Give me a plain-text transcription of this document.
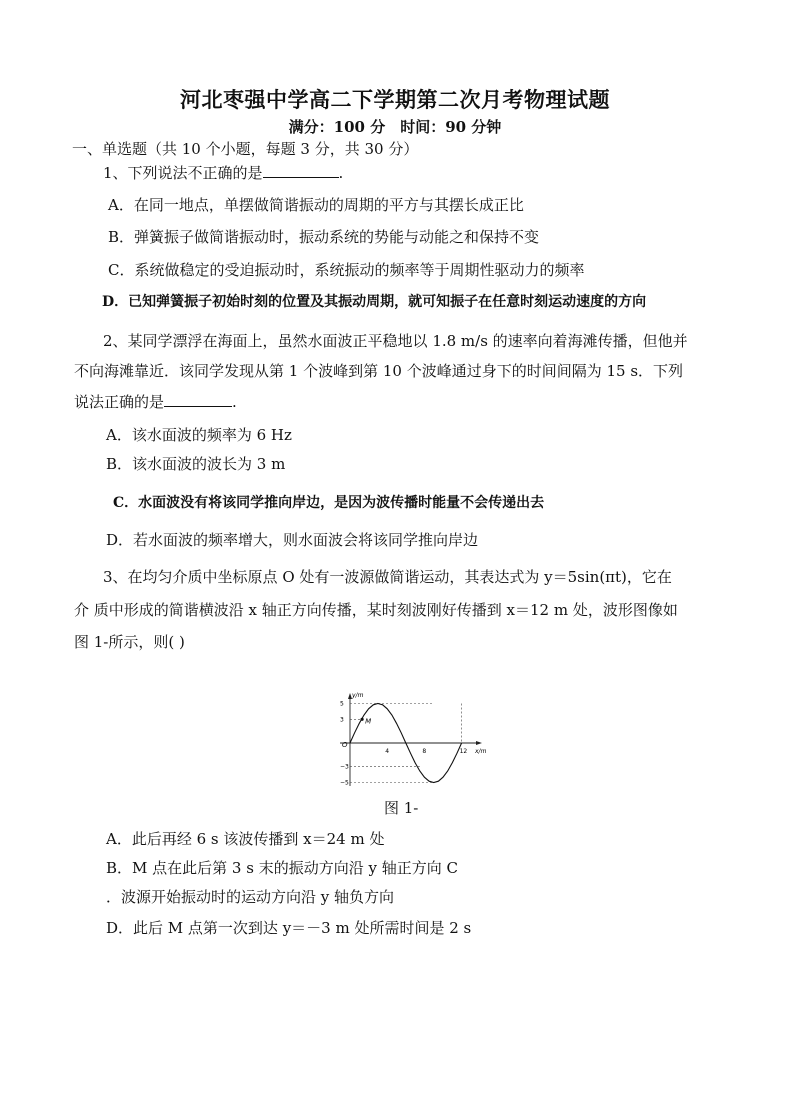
河北枣强中学高二下学期第二次月考物理试题
满分：100 分　时间：90 分钟
一、单选题（共 10 个小题，每题 3 分，共 30 分）
1、下列说法不正确的是	.
A．在同一地点，单摆做简谐振动的周期的平方与其摆长成正比
B．弹簧振子做简谐振动时，振动系统的势能与动能之和保持不变
C．系统做稳定的受迫振动时，系统振动的频率等于周期性驱动力的频率
D．已知弹簧振子初始时刻的位置及其振动周期，就可知振子在任意时刻运动速度的方向
2、某同学漂浮在海面上，虽然水面波正平稳地以 1.8 m/s 的速率向着海滩传播，但他并
不向海滩靠近．该同学发现从第 1 个波峰到第 10 个波峰通过身下的时间间隔为 15 s．下列
说法正确的是	.
A．该水面波的频率为 6 Hz
B．该水面波的波长为 3 m
C．水面波没有将该同学推向岸边，是因为波传播时能量不会传递出去
D．若水面波的频率增大，则水面波会将该同学推向岸边
3、在均匀介质中坐标原点 O 处有一波源做简谐运动，其表达式为 y＝5sin(πt)，它在
介 质中形成的简谐横波沿 x 轴正方向传播，某时刻波刚好传播到 x＝12 m 处，波形图像如
图 1-所示，则( )
M
y/m
x/m
O
4	8	12
5
3
−3
−5
图 1-
A．此后再经 6 s 该波传播到 x＝24 m 处
B．M 点在此后第 3 s 末的振动方向沿 y 轴正方向 C
．波源开始振动时的运动方向沿 y 轴负方向
D．此后 M 点第一次到达 y＝－3 m 处所需时间是 2 s
